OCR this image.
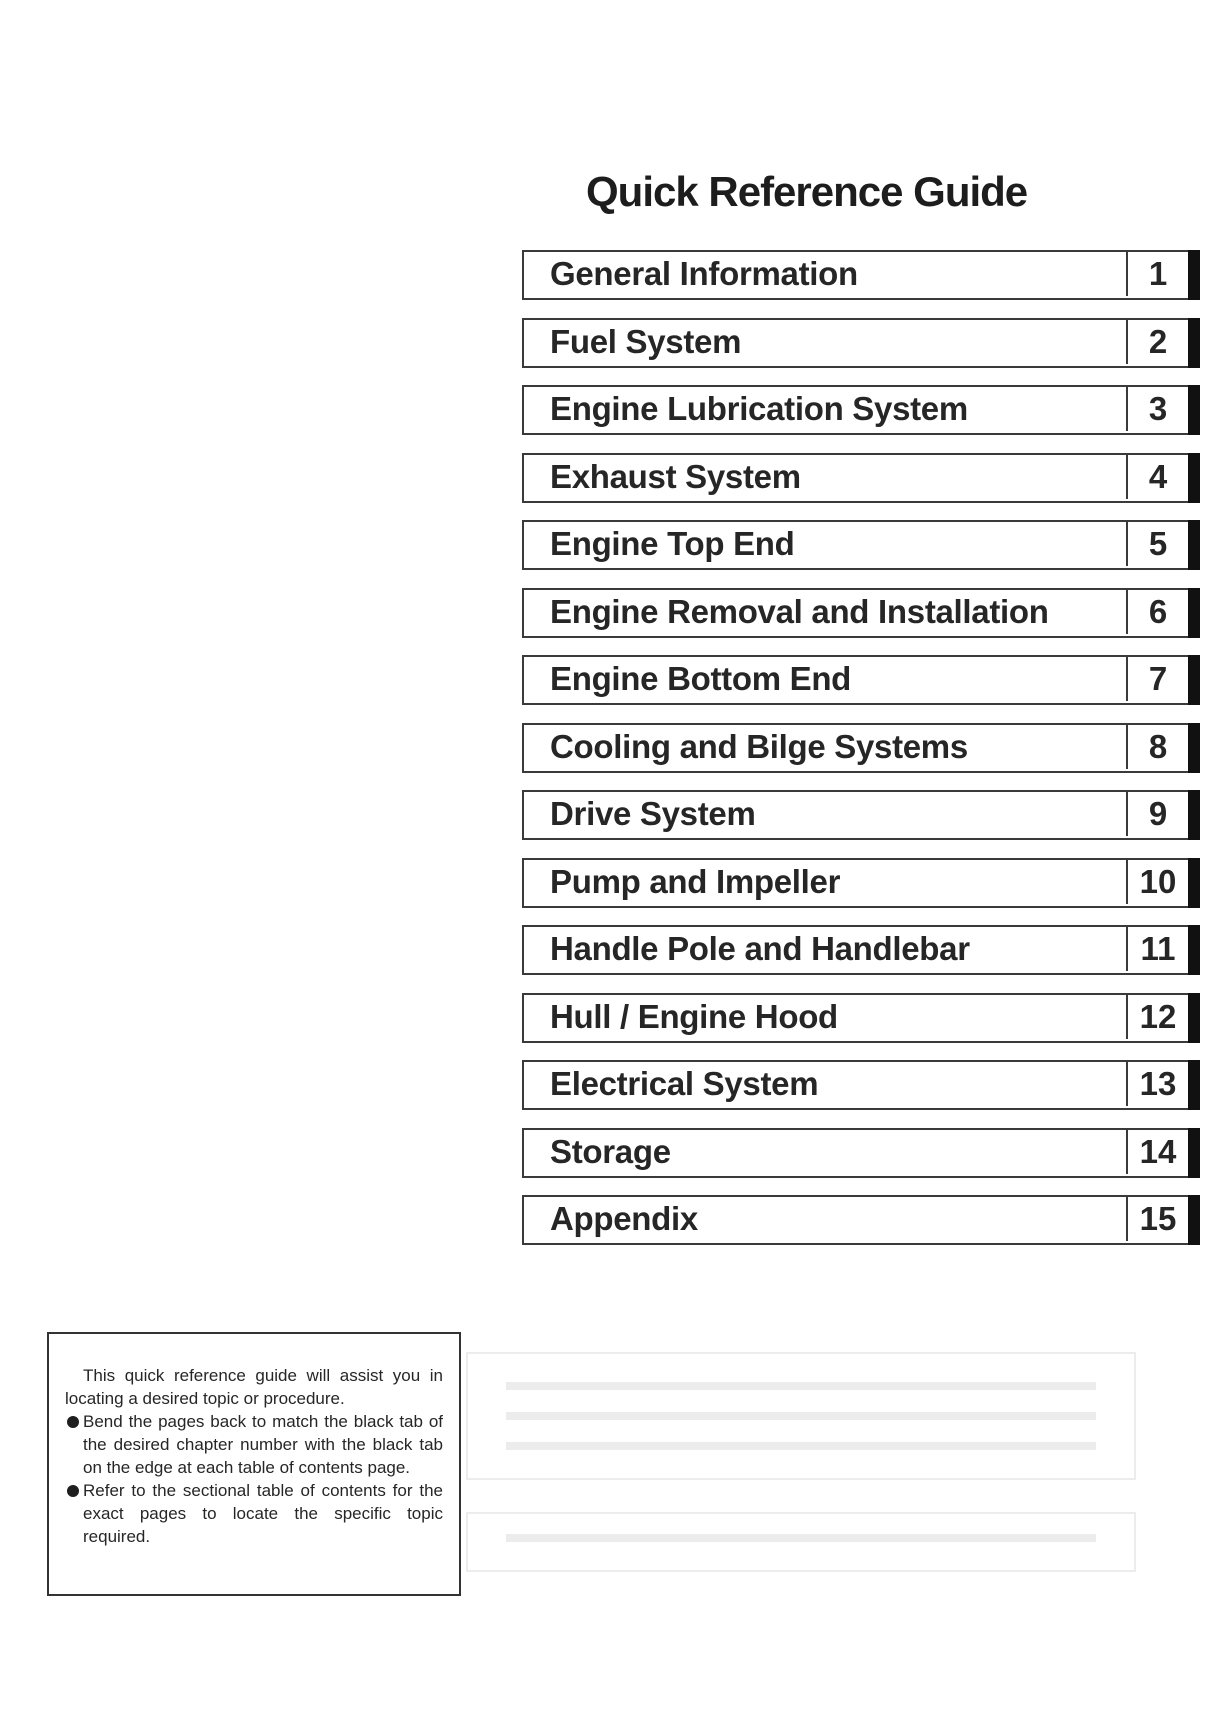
Quick Reference Guide
General Information	1
Fuel System	2
Engine Lubrication System	3
Exhaust System	4
Engine Top End	5
Engine Removal and Installation	6
Engine Bottom End	7
Cooling and Bilge Systems	8
Drive System	9
Pump and Impeller	10
Handle Pole and Handlebar	11
Hull / Engine Hood	12
Electrical System	13
Storage	14
Appendix	15

This quick reference guide will assist you in locating a desired topic or procedure.

Bend the pages back to match the black tab of the desired chapter number with the black tab on the edge at each table of contents page.
Refer to the sectional table of contents for the exact pages to locate the specific topic required.
